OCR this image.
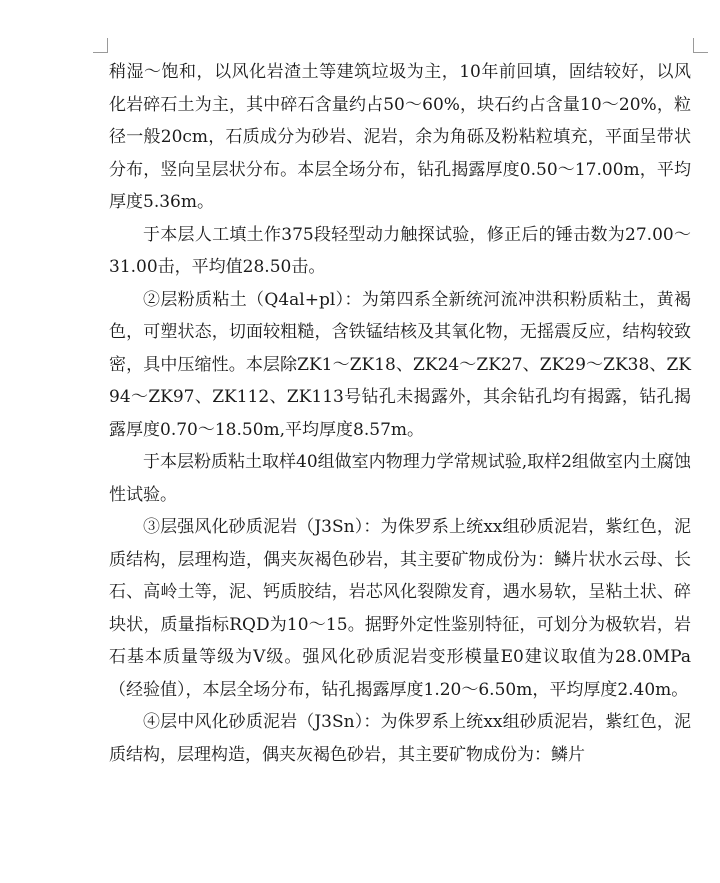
稍湿～饱和，以风化岩渣土等建筑垃圾为主，10年前回填，固结较好，以风化岩碎石土为主，其中碎石含量约占50～60%，块石约占含量10～20%，粒径一般20cm，石质成分为砂岩、泥岩，余为角砾及粉粘粒填充，平面呈带状分布，竖向呈层状分布。本层全场分布，钻孔揭露厚度0.50～17.00m，平均厚度5.36m。

于本层人工填土作375段轻型动力触探试验，修正后的锤击数为27.00～31.00击，平均值28.50击。

②层粉质粘土（Q4al+pl）：为第四系全新统河流冲洪积粉质粘土，黄褐色，可塑状态，切面较粗糙，含铁锰结核及其氧化物，无摇震反应，结构较致密，具中压缩性。本层除ZK1～ZK18、ZK24～ZK27、ZK29～ZK38、ZK94～ZK97、ZK112、ZK113号钻孔未揭露外，其余钻孔均有揭露，钻孔揭露厚度0.70～18.50m,平均厚度8.57m。

于本层粉质粘土取样40组做室内物理力学常规试验,取样2组做室内土腐蚀性试验。

③层强风化砂质泥岩（J3Sn）：为侏罗系上统xx组砂质泥岩，紫红色，泥质结构，层理构造，偶夹灰褐色砂岩，其主要矿物成份为：鳞片状水云母、长石、高岭土等，泥、钙质胶结，岩芯风化裂隙发育，遇水易软，呈粘土状、碎块状，质量指标RQD为10～15。据野外定性鉴别特征，可划分为极软岩，岩石基本质量等级为Ⅴ级。强风化砂质泥岩变形模量E0建议取值为28.0MPa（经验值），本层全场分布，钻孔揭露厚度1.20～6.50m，平均厚度2.40m。

④层中风化砂质泥岩（J3Sn）：为侏罗系上统xx组砂质泥岩，紫红色，泥质结构，层理构造，偶夹灰褐色砂岩，其主要矿物成份为：鳞片
